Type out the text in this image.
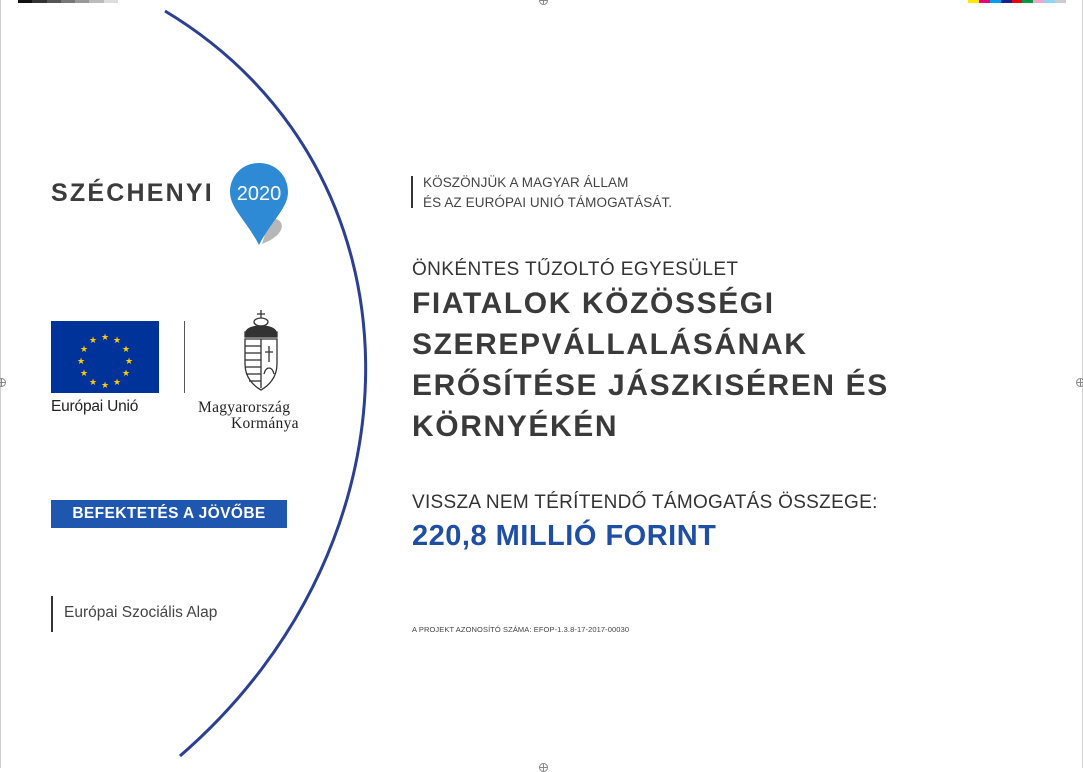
SZÉCHENYI 2020
★ ★
★
★
★
★
★
★
★
★
★
★
Európai Unió	Magyarország
Kormánya
BEFEKTETÉS A JÖVŐBE
Európai Szociális Alap
KÖSZÖNJÜK A MAGYAR ÁLLAM
ÉS AZ EURÓPAI UNIÓ TÁMOGATÁSÁT.
ÖNKÉNTES TŰZOLTÓ EGYESÜLET
FIATALOK KÖZÖSSÉGI
SZEREPVÁLLALÁSÁNAK
ERŐSÍTÉSE JÁSZKISÉREN ÉS
KÖRNYÉKÉN
VISSZA NEM TÉRÍTENDŐ TÁMOGATÁS ÖSSZEGE:
220,8 MILLIÓ FORINT
A PROJEKT AZONOSÍTÓ SZÁMA: EFOP-1.3.8-17-2017-00030
